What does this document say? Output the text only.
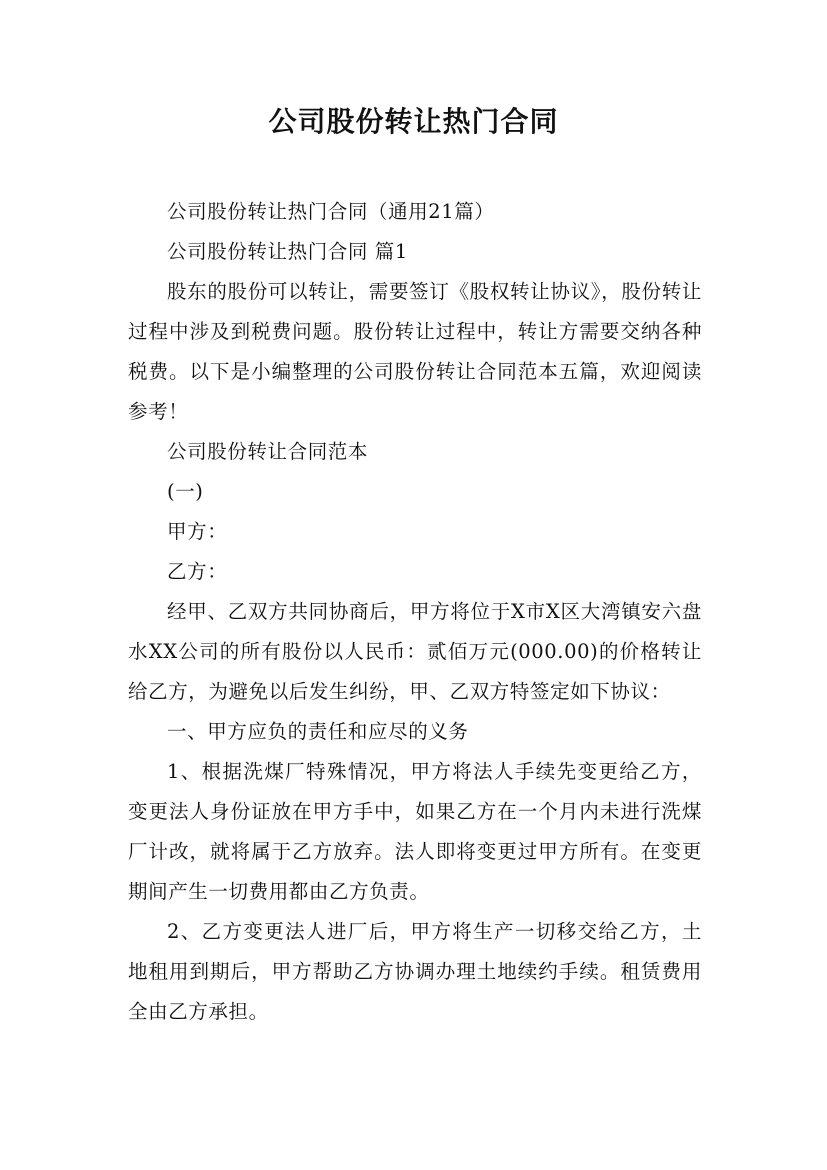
公司股份转让热门合同

公司股份转让热门合同（通用21篇）

公司股份转让热门合同 篇1

股东的股份可以转让，需要签订《股权转让协议》，股份转让过程中涉及到税费问题。股份转让过程中，转让方需要交纳各种税费。以下是小编整理的公司股份转让合同范本五篇，欢迎阅读参考！

公司股份转让合同范本

(一)

甲方：

乙方：

经甲、乙双方共同协商后，甲方将位于X市X区大湾镇安六盘水XX公司的所有股份以人民币：贰佰万元(000.00)的价格转让给乙方，为避免以后发生纠纷，甲、乙双方特签定如下协议：

一、甲方应负的责任和应尽的义务

1、根据洗煤厂特殊情况，甲方将法人手续先变更给乙方，变更法人身份证放在甲方手中，如果乙方在一个月内未进行洗煤厂计改，就将属于乙方放弃。法人即将变更过甲方所有。在变更期间产生一切费用都由乙方负责。

2、乙方变更法人进厂后，甲方将生产一切移交给乙方，土地租用到期后，甲方帮助乙方协调办理土地续约手续。租赁费用全由乙方承担。
